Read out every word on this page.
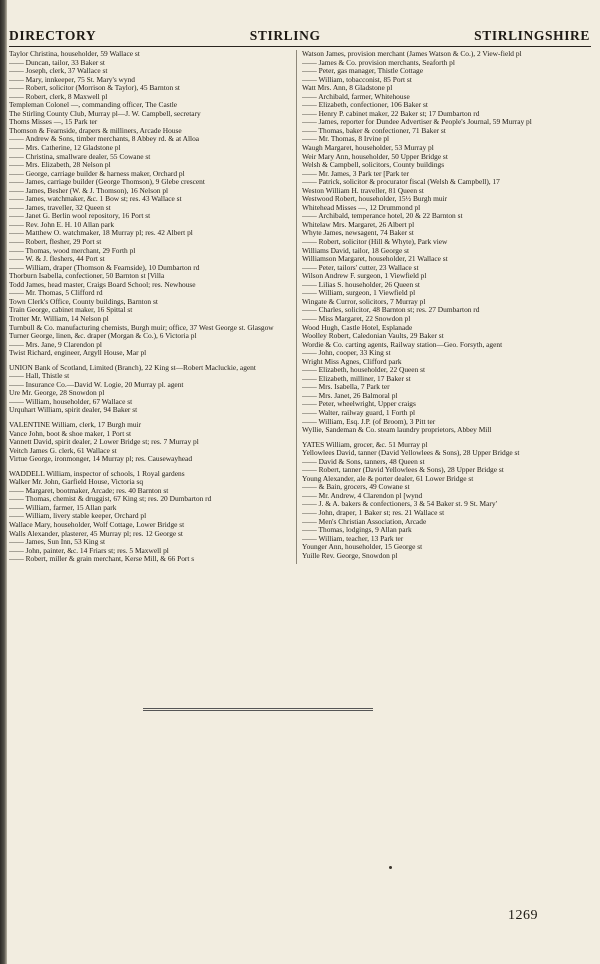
DIRECTORY	STIRLING	STIRLINGSHIRE
Taylor Christina, householder, 59 Wallace st
—— Duncan, tailor, 33 Baker st
—— Joseph, clerk, 37 Wallace st
—— Mary, innkeeper, 75 St. Mary's wynd
—— Robert, solicitor (Morrison & Taylor), 45 Barnton st
—— Robert, clerk, 8 Maxwell pl
Templeman Colonel —, commanding officer, The Castle
The Stirling County Club, Murray pl—J. W. Campbell, secretary
Thoms Misses —, 15 Park ter
Thomson & Fearnside, drapers & milliners, Arcade House
—— Andrew & Sons, timber merchants, 8 Abbey rd. & at Alloa
—— Mrs. Catherine, 12 Gladstone pl
—— Christina, smallware dealer, 55 Cowane st
—— Mrs. Elizabeth, 28 Nelson pl
—— George, carriage builder & harness maker, Orchard pl
—— James, carriage builder (George Thomson), 9 Glebe crescent
—— James, Besher (W. & J. Thomson), 16 Nelson pl
—— James, watchmaker, &c. 1 Bow st; res. 43 Wallace st
—— James, traveller, 32 Queen st
—— Janet G. Berlin wool repository, 16 Port st
—— Rev. John E. H. 10 Allan park
—— Matthew O. watchmaker, 18 Murray pl; res. 42 Albert pl
—— Robert, flesher, 29 Port st
—— Thomas, wood merchant, 29 Forth pl
—— W. & J. fleshers, 44 Port st
—— William, draper (Thomson & Fearnside), 10 Dumbarton rd
Thorburn Isabella, confectioner, 50 Barnton st [Villa
Todd James, head master, Craigs Board School; res. Newhouse
—— Mr. Thomas, 5 Clifford rd
Town Clerk's Office, County buildings, Barnton st
Train George, cabinet maker, 16 Spittal st
Trotter Mr. William, 14 Nelson pl
Turnbull & Co. manufacturing chemists, Burgh muir; office, 37 West George st. Glasgow
Turner George, linen, &c. draper (Morgan & Co.), 6 Victoria pl
—— Mrs. Jane, 9 Clarendon pl
Twist Richard, engineer, Argyll House, Mar pl
UNION Bank of Scotland, Limited (Branch), 22 King st—Robert Macluckie, agent
—— Hall, Thistle st
—— Insurance Co.—David W. Logie, 20 Murray pl. agent
Ure Mr. George, 28 Snowdon pl
—— William, householder, 67 Wallace st
Urquhart William, spirit dealer, 94 Baker st
VALENTINE William, clerk, 17 Burgh muir
Vance John, boot & shoe maker, 1 Port st
Vannett David, spirit dealer, 2 Lower Bridge st; res. 7 Murray pl
Veitch James G. clerk, 61 Wallace st
Virtue George, ironmonger, 14 Murray pl; res. Causewayhead
WADDELL William, inspector of schools, 1 Royal gardens
Walker Mr. John, Garfield House, Victoria sq
—— Margaret, bootmaker, Arcade; res. 40 Barnton st
—— Thomas, chemist & druggist, 67 King st; res. 20 Dumbarton rd
—— William, farmer, 15 Allan park
—— William, livery stable keeper, Orchard pl
Wallace Mary, householder, Wolf Cottage, Lower Bridge st
Walls Alexander, plasterer, 45 Murray pl; res. 12 George st
—— James, Sun Inn, 53 King st
—— John, painter, &c. 14 Friars st; res. 5 Maxwell pl
—— Robert, miller & grain merchant, Kerse Mill, & 66 Port s
Watson James, provision merchant (James Watson & Co.), 2 View-field pl
—— James & Co. provision merchants, Seaforth pl
—— Peter, gas manager, Thistle Cottage
—— William, tobacconist, 85 Port st
Watt Mrs. Ann, 8 Gladstone pl
—— Archibald, farmer, Whitehouse
—— Elizabeth, confectioner, 106 Baker st
—— Henry P. cabinet maker, 22 Baker st; 17 Dumbarton rd
—— James, reporter for Dundee Advertiser & People's Journal, 59 Murray pl
—— Thomas, baker & confectioner, 71 Baker st
—— Mr. Thomas, 8 Irvine pl
Waugh Margaret, householder, 53 Murray pl
Weir Mary Ann, householder, 50 Upper Bridge st
Welsh & Campbell, solicitors, County buildings
—— Mr. James, 3 Park ter [Park ter
—— Patrick, solicitor & procurator fiscal (Welsh & Campbell), 17
Weston William H. traveller, 81 Queen st
Westwood Robert, householder, 15½ Burgh muir
Whitehead Misses —, 12 Drummond pl
—— Archibald, temperance hotel, 20 & 22 Barnton st
Whitelaw Mrs. Margaret, 26 Albert pl
Whyte James, newsagent, 74 Baker st
—— Robert, solicitor (Hill & Whyte), Park view
Williams David, tailor, 18 George st
Williamson Margaret, householder, 21 Wallace st
—— Peter, tailors' cutter, 23 Wallace st
Wilson Andrew F. surgeon, 1 Viewfield pl
—— Lilias S. householder, 26 Queen st
—— William, surgeon, 1 Viewfield pl
Wingate & Curror, solicitors, 7 Murray pl
—— Charles, solicitor, 48 Barnton st; res. 27 Dumbarton rd
—— Miss Margaret, 22 Snowdon pl
Wood Hugh, Castle Hotel, Esplanade
Woolley Robert, Caledonian Vaults, 29 Baker st
Wordie & Co. carting agents, Railway station—Geo. Forsyth, agent
—— John, cooper, 33 King st
Wright Miss Agnes, Clifford park
—— Elizabeth, householder, 22 Queen st
—— Elizabeth, milliner, 17 Baker st
—— Mrs. Isabella, 7 Park ter
—— Mrs. Janet, 26 Balmoral pl
—— Peter, wheelwright, Upper craigs
—— Walter, railway guard, 1 Forth pl
—— William, Esq. J.P. (of Broom), 3 Pitt ter
Wyllie, Sandeman & Co. steam laundry proprietors, Abbey Mill
YATES William, grocer, &c. 51 Murray pl
Yellowlees David, tanner (David Yellowlees & Sons), 28 Upper Bridge st
—— David & Sons, tanners, 48 Queen st
—— Robert, tanner (David Yellowlees & Sons), 28 Upper Bridge st
Young Alexander, ale & porter dealer, 61 Lower Bridge st
—— & Bain, grocers, 49 Cowane st
—— Mr. Andrew, 4 Clarendon pl [wynd
—— J. & A. bakers & confectioners, 3 & 54 Baker st. 9 St. Mary'
—— John, draper, 1 Baker st; res. 21 Wallace st
—— Men's Christian Association, Arcade
—— Thomas, lodgings, 9 Allan park
—— William, teacher, 13 Park ter
Younger Ann, householder, 15 George st
Yuille Rev. George, Snowdon pl
1269
